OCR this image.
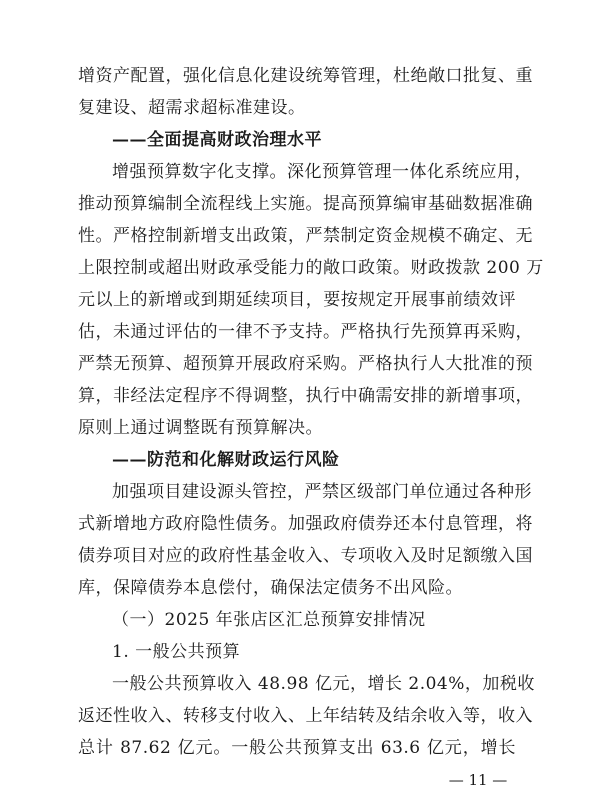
增资产配置，强化信息化建设统筹管理，杜绝敞口批复、重
复建设、超需求超标准建设。
——全面提高财政治理水平
增强预算数字化支撑。深化预算管理一体化系统应用，
推动预算编制全流程线上实施。提高预算编审基础数据准确
性。严格控制新增支出政策，严禁制定资金规模不确定、无
上限控制或超出财政承受能力的敞口政策。财政拨款 200 万
元以上的新增或到期延续项目，要按规定开展事前绩效评
估，未通过评估的一律不予支持。严格执行先预算再采购，
严禁无预算、超预算开展政府采购。严格执行人大批准的预
算，非经法定程序不得调整，执行中确需安排的新增事项，
原则上通过调整既有预算解决。
——防范和化解财政运行风险
加强项目建设源头管控，严禁区级部门单位通过各种形
式新增地方政府隐性债务。加强政府债券还本付息管理，将
债券项目对应的政府性基金收入、专项收入及时足额缴入国
库，保障债券本息偿付，确保法定债务不出风险。
（一）2025 年张店区汇总预算安排情况
1. 一般公共预算
一般公共预算收入 48.98 亿元，增长 2.04%，加税收
返还性收入、转移支付收入、上年结转及结余收入等，收入
总计 87.62 亿元。一般公共预算支出 63.6 亿元，增长
— 11 —
